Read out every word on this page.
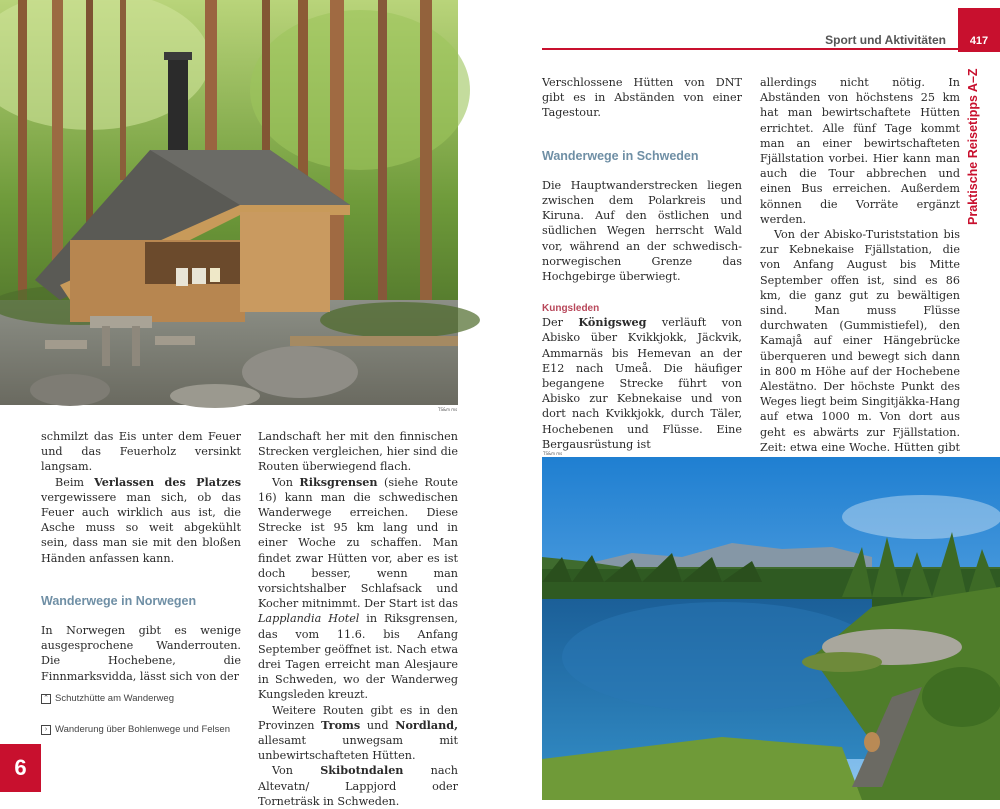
TS&m ms

schmilzt das Eis unter dem Feuer und das Feuerholz versinkt langsam.

Beim Verlassen des Platzes vergewissere man sich, ob das Feuer auch wirklich aus ist, die Asche muss so weit abgekühlt sein, dass man sie mit den bloßen Händen anfassen kann.

Wanderwege in Norwegen

In Norwegen gibt es wenige ausgesprochene Wanderrouten. Die Hochebene, die Finnmarksvidda, lässt sich von der

Landschaft her mit den finnischen Strecken vergleichen, hier sind die Routen überwiegend flach.

Von Riksgrensen (siehe Route 16) kann man die schwedischen Wanderwege erreichen. Diese Strecke ist 95 km lang und in einer Woche zu schaffen. Man findet zwar Hütten vor, aber es ist doch besser, wenn man vorsichtshalber Schlafsack und Kocher mitnimmt. Der Start ist das Lapplandia Hotel in Riksgrensen, das vom 11.6. bis Anfang September geöffnet ist. Nach etwa drei Tagen erreicht man Alesjaure in Schweden, wo der Wanderweg Kungsleden kreuzt.

Weitere Routen gibt es in den Provinzen Troms und Nordland, allesamt unwegsam mit unbewirtschafteten Hütten.

Von Skibotndalen nach Altevatn/ Lappjord oder Torneträsk in Schweden.

⌃ Schutzhütte am Wanderweg
› Wanderung über Bohlenwege und Felsen
6
Sport und Aktivitäten	417
Praktische Reisetipps A–Z

Verschlossene Hütten von DNT gibt es in Abständen von einer Tagestour.

Wanderwege in Schweden

Die Hauptwanderstrecken liegen zwischen dem Polarkreis und Kiruna. Auf den östlichen und südlichen Wegen herrscht Wald vor, während an der schwedisch-norwegischen Grenze das Hochgebirge überwiegt.

Kungsleden

Der Königsweg verläuft von Abisko über Kvikkjokk, Jäckvik, Ammarnäs bis Hemevan an der E12 nach Umeå. Die häufiger begangene Strecke führt von Abisko zur Kebnekaise und von dort nach Kvikkjokk, durch Täler, Hochebenen und Flüsse. Eine Bergausrüstung ist

allerdings nicht nötig. In Abständen von höchstens 25 km hat man bewirtschaftete Hütten errichtet. Alle fünf Tage kommt man an einer bewirtschafteten Fjällstation vorbei. Hier kann man auch die Tour abbrechen und einen Bus erreichen. Außerdem können die Vorräte ergänzt werden.

Von der Abisko-Turiststation bis zur Kebnekaise Fjällstation, die von Anfang August bis Mitte September offen ist, sind es 86 km, die ganz gut zu bewältigen sind. Man muss Flüsse durchwaten (Gummistiefel), den Kamajå auf einer Hängebrücke überqueren und bewegt sich dann in 800 m Höhe auf der Hochebene Alestätno. Der höchste Punkt des Weges liegt beim Singitjäkka-Hang auf etwa 1000 m. Von dort aus geht es abwärts zur Fjällstation. Zeit: etwa eine Woche. Hütten gibt

TS&m ms
